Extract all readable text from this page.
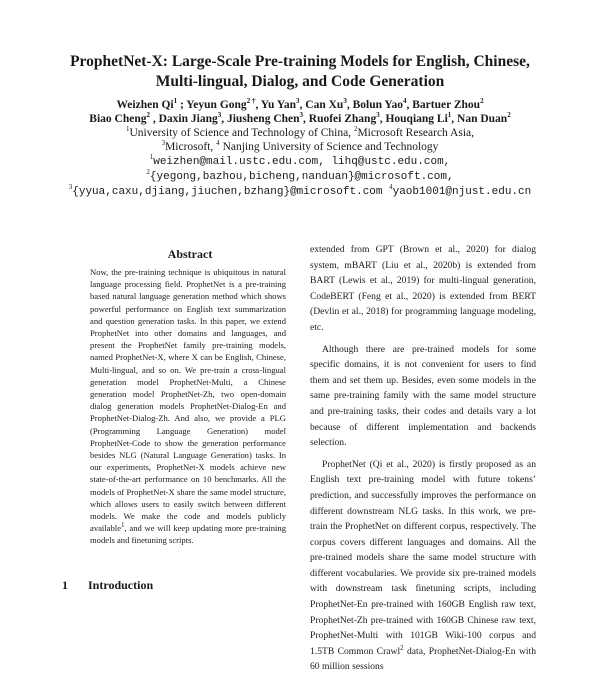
ProphetNet-X: Large-Scale Pre-training Models for English, Chinese,
Multi-lingual, Dialog, and Code Generation
Weizhen Qi$^1$ ; Yeyun Gong$^{2 \dagger}$, Yu Yan$^3$, Can Xu$^3$, Bolun Yao$^4$, Bartuer Zhou$^2$
Biao Cheng$^2$ , Daxin Jiang$^3$, Jiusheng Chen$^3$, Ruofei Zhang$^3$, Houqiang Li$^1$, Nan Duan$^2$
$^1$University of Science and Technology of China, $^2$Microsoft Research Asia,
$^3$Microsoft, $^4$ Nanjing University of Science and Technology
$^1$weizhen@mail.ustc.edu.com, lihq@ustc.edu.com,
$^2${yegong,bazhou,bicheng,nanduan}@microsoft.com,
$^3${yyua,caxu,djiang,jiuchen,bzhang}@microsoft.com $^4$yaob1001@njust.edu.cn
Abstract
Now, the pre-training technique is ubiquitous in natural language processing field. ProphetNet is a pre-training based natural language generation method which shows powerful performance on English text summarization and question generation tasks. In this paper, we extend ProphetNet into other domains and languages, and present the ProphetNet family pre-training models, named ProphetNet-X, where X can be English, Chinese, Multi-lingual, and so on. We pre-train a cross-lingual generation model ProphetNet-Multi, a Chinese generation model ProphetNet-Zh, two open-domain dialog generation models ProphetNet-Dialog-En and ProphetNet-Dialog-Zh. And also, we provide a PLG (Programming Language Generation) model ProphetNet-Code to show the generation performance besides NLG (Natural Language Generation) tasks. In our experiments, ProphetNet-X models achieve new state-of-the-art performance on 10 benchmarks. All the models of ProphetNet-X share the same model structure, which allows users to easily switch between different models. We make the code and models publicly available$^1$, and we will keep updating more pre-training models and finetuning scripts.
1 Introduction

extended from GPT (Brown et al., 2020) for dialog system, mBART (Liu et al., 2020b) is extended from BART (Lewis et al., 2019) for multi-lingual generation, CodeBERT (Feng et al., 2020) is extended from BERT (Devlin et al., 2018) for programming language modeling, etc.

Although there are pre-trained models for some specific domains, it is not convenient for users to find them and set them up. Besides, even some models in the same pre-training family with the same model structure and pre-training tasks, their codes and details vary a lot because of different implementation and backends selection.

ProphetNet (Qi et al., 2020) is firstly proposed as an English text pre-training model with future tokens’ prediction, and successfully improves the performance on different downstream NLG tasks. In this work, we pre-train the ProphetNet on different corpus, respectively. The corpus covers different languages and domains. All the pre-trained models share the same model structure with different vocabularies. We provide six pre-trained models with downstream task finetuning scripts, including ProphetNet-En pre-trained with 160GB English raw text, ProphetNet-Zh pre-trained with 160GB Chinese raw text, ProphetNet-Multi with 101GB Wiki-100 corpus and 1.5TB Common Crawl$^2$ data, ProphetNet-Dialog-En with 60 million sessions
